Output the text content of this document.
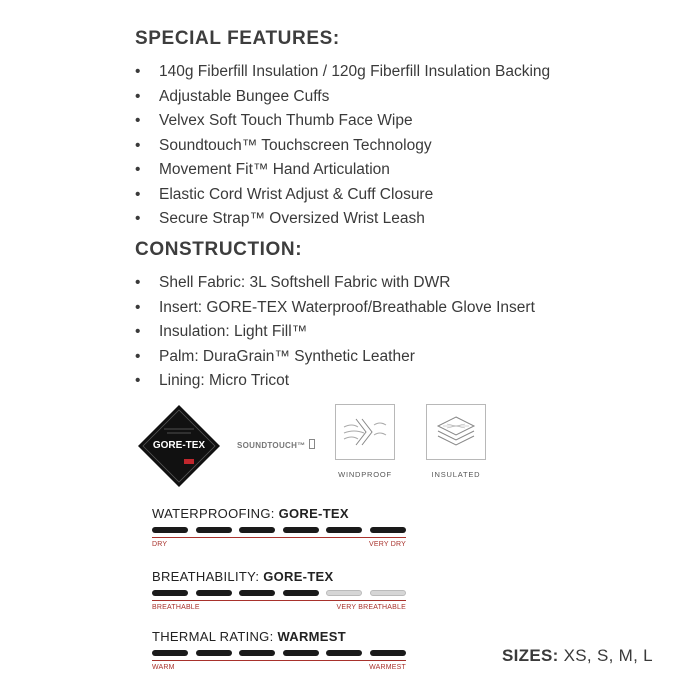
SPECIAL FEATURES:
• 140g Fiberfill Insulation / 120g Fiberfill Insulation Backing
• Adjustable Bungee Cuffs
• Velvex Soft Touch Thumb Face Wipe
• Soundtouch™ Touchscreen Technology
• Movement Fit™ Hand Articulation
• Elastic Cord Wrist Adjust & Cuff Closure
• Secure Strap™ Oversized Wrist Leash
CONSTRUCTION:
• Shell Fabric: 3L Softshell Fabric with DWR
• Insert: GORE-TEX Waterproof/Breathable Glove Insert
• Insulation: Light Fill™
• Palm: DuraGrain™ Synthetic Leather
• Lining: Micro Tricot
GORE-TEX	SOUNDTOUCH™
WINDPROOF	INSULATED
WATERPROOFING: GORE-TEX
DRY	VERY DRY
BREATHABILITY: GORE-TEX
BREATHABLE	VERY BREATHABLE
THERMAL RATING: WARMEST
WARM	WARMEST
SIZES: XS, S, M, L
